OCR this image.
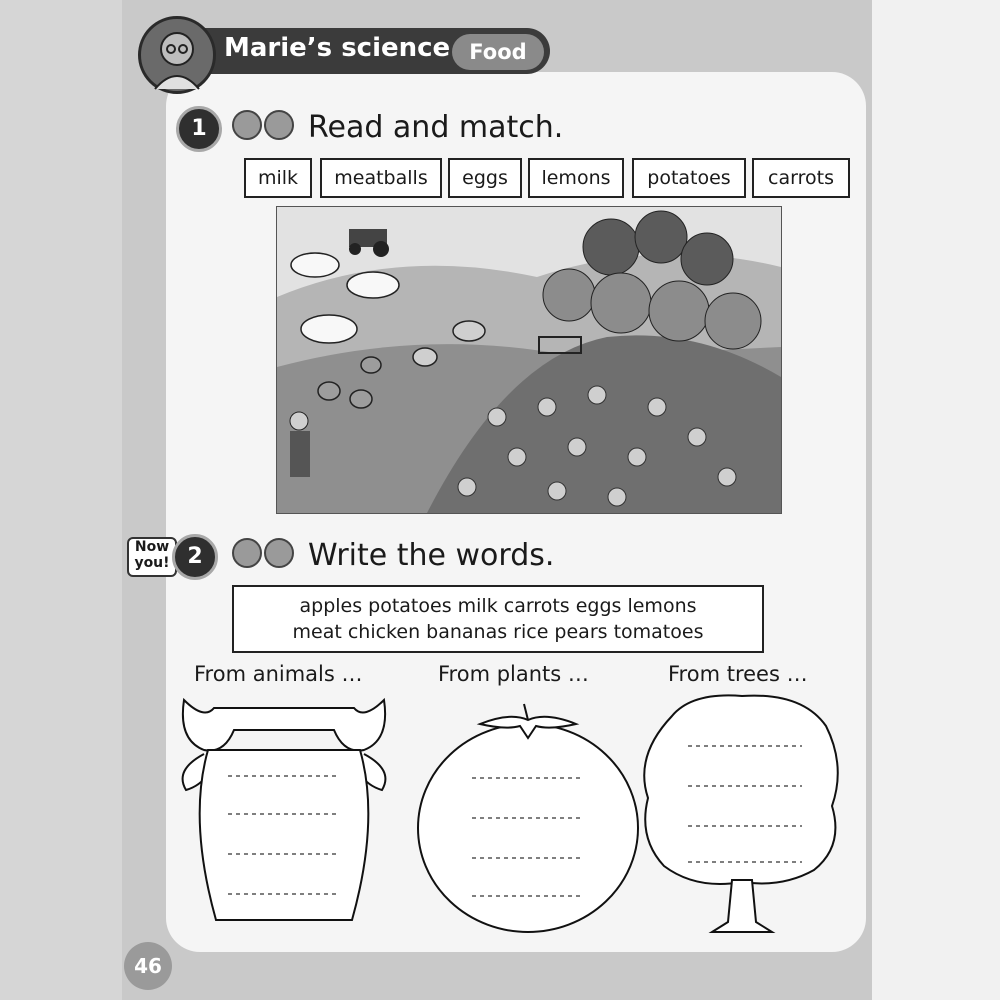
Marie’s science Food
1	Read and match.
milk	meatballs	eggs	lemons	potatoes	carrots
Now you! 2	Write the words.
apples potatoes milk carrots eggs lemons
meat chicken bananas rice pears tomatoes
From animals …	From plants …	From trees …
46
